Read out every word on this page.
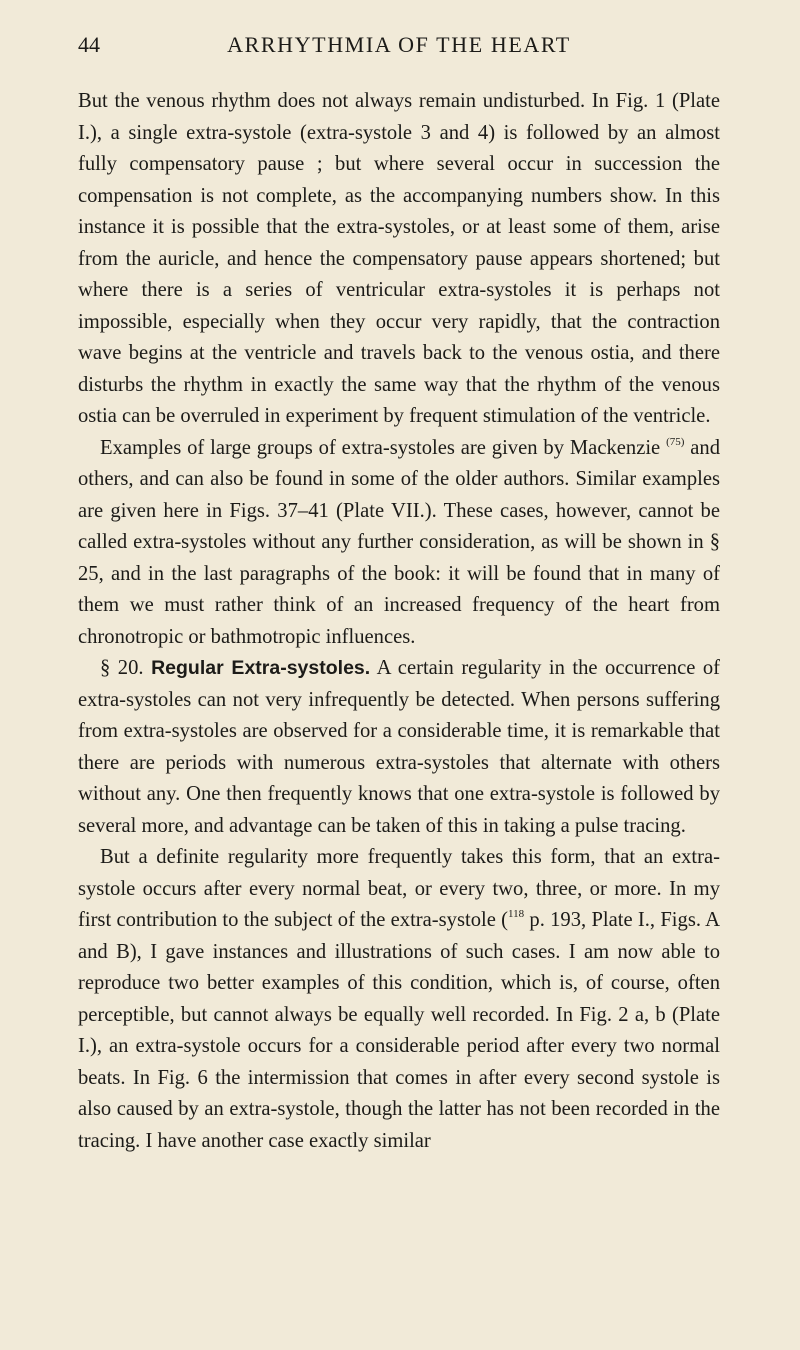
44	ARRHYTHMIA OF THE HEART

But the venous rhythm does not always remain undisturbed. In Fig. 1 (Plate I.), a single extra-systole (extra-systole 3 and 4) is followed by an almost fully compensatory pause ; but where several occur in succession the compensation is not complete, as the accompanying numbers show. In this instance it is possible that the extra-systoles, or at least some of them, arise from the auricle, and hence the compensatory pause appears shortened; but where there is a series of ventricular extra-systoles it is perhaps not impossible, especially when they occur very rapidly, that the contraction wave begins at the ventricle and travels back to the venous ostia, and there disturbs the rhythm in exactly the same way that the rhythm of the venous ostia can be overruled in experiment by frequent stimulation of the ventricle.

Examples of large groups of extra-systoles are given by Mackenzie $^{(75)}$ and others, and can also be found in some of the older authors. Similar examples are given here in Figs. 37–41 (Plate VII.). These cases, however, cannot be called extra-systoles without any further consideration, as will be shown in § 25, and in the last paragraphs of the book: it will be found that in many of them we must rather think of an increased frequency of the heart from chronotropic or bathmotropic influences.

§ 20. Regular Extra-systoles. A certain regularity in the occurrence of extra-systoles can not very infrequently be detected. When persons suffering from extra-systoles are observed for a considerable time, it is remarkable that there are periods with numerous extra-systoles that alternate with others without any. One then frequently knows that one extra-systole is followed by several more, and advantage can be taken of this in taking a pulse tracing.

But a definite regularity more frequently takes this form, that an extra-systole occurs after every normal beat, or every two, three, or more. In my first contribution to the subject of the extra-systole ($^{118}$ p. 193, Plate I., Figs. A and B), I gave instances and illustrations of such cases. I am now able to reproduce two better examples of this condition, which is, of course, often perceptible, but cannot always be equally well recorded. In Fig. 2 a, b (Plate I.), an extra-systole occurs for a considerable period after every two normal beats. In Fig. 6 the intermission that comes in after every second systole is also caused by an extra-systole, though the latter has not been recorded in the tracing. I have another case exactly similar
